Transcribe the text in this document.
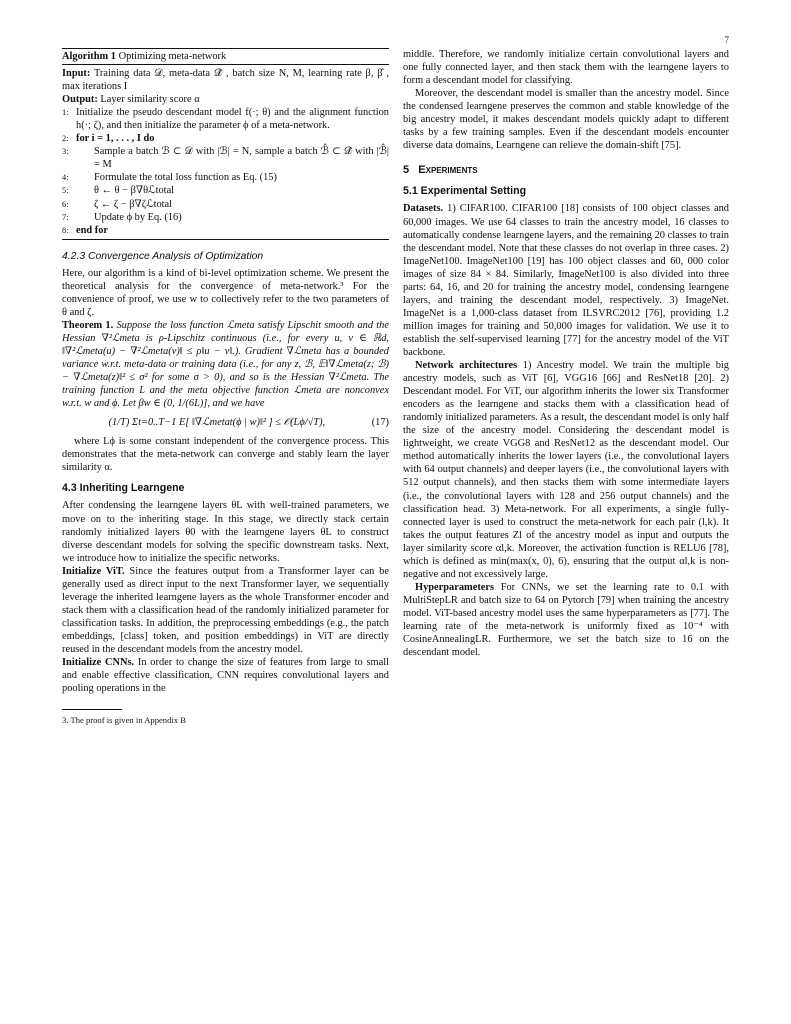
7
Algorithm 1 Optimizing meta-network

Input: Training data 𝒟, meta-data 𝒟̂ , batch size N, M, learning rate β, β̂ , max iterations I

Output: Layer similarity score α

1: Initialize the pseudo descendant model f(·; θ) and the alignment function h(·; ζ), and then initialize the parameter ϕ of a meta-network.
2: for i = 1, . . . , I do
3: Sample a batch ℬ ⊂ 𝒟 with |ℬ| = N, sample a batch ℬ̂ ⊂ 𝒟̂ with |ℬ̂| = M
4: Formulate the total loss function as Eq. (15)
5: θ ← θ − β∇θℒtotal
6: ζ ← ζ − β∇ζℒtotal
7: Update ϕ by Eq. (16)
8: end for
4.2.3 Convergence Analysis of Optimization

Here, our algorithm is a kind of bi-level optimization scheme. We present the theoretical analysis for the convergence of meta-network.³ For the convenience of proof, we use w to collectively refer to the two parameters of θ and ζ.

Theorem 1. Suppose the loss function ℒmeta satisfy Lipschit smooth and the Hessian ∇²ℒmeta is ρ-Lipschitz continuous (i.e., for every u, v ∈ ℝd, ‖∇²ℒmeta(u) − ∇²ℒmeta(v)‖ ≤ ρ‖u − v‖.). Gradient ∇ℒmeta has a bounded variance w.r.t. meta-data or training data (i.e., for any z, ℬ, 𝔼‖∇ℒmeta(z; ℬ) − ∇ℒmeta(z)‖² ≤ σ² for some σ > 0), and so is the Hessian ∇²ℒmeta. The training function L and the meta objective function ℒmeta are nonconvex w.r.t. w and ϕ. Let βw ∈ (0, 1/(6L)], and we have

(1/T) Σt=0..T−1 E[ ‖∇ℒmetat(ϕ | w)‖² ] ≤ 𝒪(Lϕ/√T),	(17)

where Lϕ is some constant independent of the convergence process. This demonstrates that the meta-network can converge and stably learn the layer similarity α.

4.3 Inheriting Learngene

After condensing the learngene layers θL with well-trained parameters, we move on to the inheriting stage. In this stage, we directly stack certain randomly initialized layers θ0 with the learngene layers θL to construct diverse descendant models for solving the specific downstream tasks. Next, we introduce how to initialize the specific networks.

Initialize ViT. Since the features output from a Transformer layer can be generally used as direct input to the next Transformer layer, we sequentially leverage the inherited learngene layers as the whole Transformer encoder and stack them with a classification head of the randomly initialized parameter for classification tasks. In addition, the preprocessing embeddings (e.g., the patch embeddings, [class] token, and position embeddings) in ViT are directly reused in the descendant models from the ancestry model.

Initialize CNNs. In order to change the size of features from large to small and enable effective classification, CNN requires convolutional layers and pooling operations in the

3. The proof is given in Appendix B

middle. Therefore, we randomly initialize certain convolutional layers and one fully connected layer, and then stack them with the learngene layers to form a descendant model for classifying.

Moreover, the descendant model is smaller than the ancestry model. Since the condensed learngene preserves the common and stable knowledge of the big ancestry model, it makes descendant models quickly adapt to different tasks by a few training samples. Even if the descendant models encounter diverse data domains, Learngene can relieve the domain-shift [75].

5 Experiments
5.1 Experimental Setting

Datasets. 1) CIFAR100. CIFAR100 [18] consists of 100 object classes and 60,000 images. We use 64 classes to train the ancestry model, 16 classes to automatically condense learngene layers, and the remaining 20 classes to train the descendant model. Note that these classes do not overlap in three cases. 2) ImageNet100. ImageNet100 [19] has 100 object classes and 60, 000 color images of size 84 × 84. Similarly, ImageNet100 is also divided into three parts: 64, 16, and 20 for training the ancestry model, condensing learngene layers, and training the descendant model, respectively. 3) ImageNet. ImageNet is a 1,000-class dataset from ILSVRC2012 [76], providing 1.2 million images for training and 50,000 images for validation. We use it to establish the self-supervised learning [77] for the ancestry model of the ViT backbone.

Network architectures 1) Ancestry model. We train the multiple big ancestry models, such as ViT [6], VGG16 [66] and ResNet18 [20]. 2) Descendant model. For ViT, our algorithm inherits the lower six Transformer encoders as the learngene and stacks them with a classification head of randomly initialized parameters. As a result, the descendant model is only half the size of the ancestry model. Considering the descendant model is lightweight, we create VGG8 and ResNet12 as the descendant model. Our method automatically inherits the lower layers (i.e., the convolutional layers with 64 output channels) and deeper layers (i.e., the convolutional layers with 512 output channels), and then stacks them with some intermediate layers (i.e., the convolutional layers with 128 and 256 output channels) and the classification head. 3) Meta-network. For all experiments, a single fully-connected layer is used to construct the meta-network for each pair (l,k). It takes the output features Zl of the ancestry model as input and outputs the layer similarity score αl,k. Moreover, the activation function is RELU6 [78], which is defined as min(max(x, 0), 6), ensuring that the output αl,k is non-negative and not excessively large.

Hyperparameters For CNNs, we set the learning rate to 0.1 with MultiStepLR and batch size to 64 on Pytorch [79] when training the ancestry model. ViT-based ancestry model uses the same hyperparameters as [77]. The learning rate of the meta-network is uniformly fixed as 10⁻⁴ with CosineAnnealingLR. Furthermore, we set the batch size to 16 on the descendant model.
